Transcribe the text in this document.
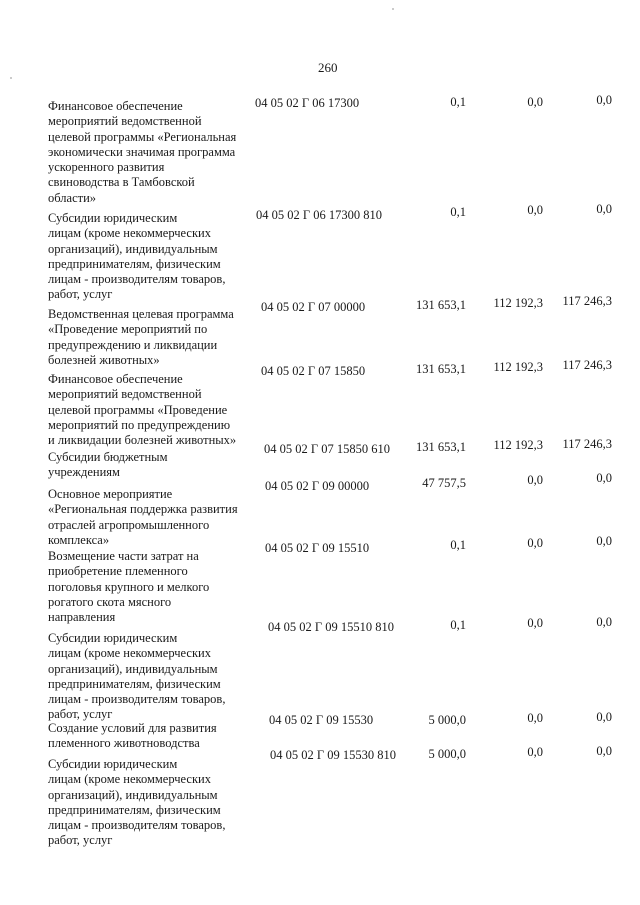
260
Финансовое обеспечение
мероприятий ведомственной
целевой программы «Региональная
экономически значимая программа
ускоренного развития
свиноводства в Тамбовской
области»
04 05 02 Г 06 17300	0,1	0,0	0,0
Субсидии юридическим
лицам (кроме некоммерческих
организаций), индивидуальным
предпринимателям, физическим
лицам - производителям товаров,
работ, услуг
04 05 02 Г 06 17300 810	0,1	0,0	0,0
Ведомственная целевая программа
«Проведение мероприятий по
предупреждению и ликвидации
болезней животных»
04 05 02 Г 07 00000	131 653,1	112 192,3	117 246,3
Финансовое обеспечение
мероприятий ведомственной
целевой программы «Проведение
мероприятий по предупреждению
и ликвидации болезней животных»
04 05 02 Г 07 15850	131 653,1	112 192,3	117 246,3
Субсидии бюджетным
учреждениям
04 05 02 Г 07 15850 610	131 653,1	112 192,3	117 246,3
Основное мероприятие
«Региональная поддержка развития
отраслей агропромышленного
комплекса»
04 05 02 Г 09 00000	47 757,5	0,0	0,0
Возмещение части затрат на
приобретение племенного
поголовья крупного и мелкого
рогатого скота мясного
направления
04 05 02 Г 09 15510	0,1	0,0	0,0
Субсидии юридическим
лицам (кроме некоммерческих
организаций), индивидуальным
предпринимателям, физическим
лицам - производителям товаров,
работ, услуг
04 05 02 Г 09 15510 810	0,1	0,0	0,0
Создание условий для развития
племенного животноводства
04 05 02 Г 09 15530	5 000,0	0,0	0,0
Субсидии юридическим
лицам (кроме некоммерческих
организаций), индивидуальным
предпринимателям, физическим
лицам - производителям товаров,
работ, услуг
04 05 02 Г 09 15530 810	5 000,0	0,0	0,0
